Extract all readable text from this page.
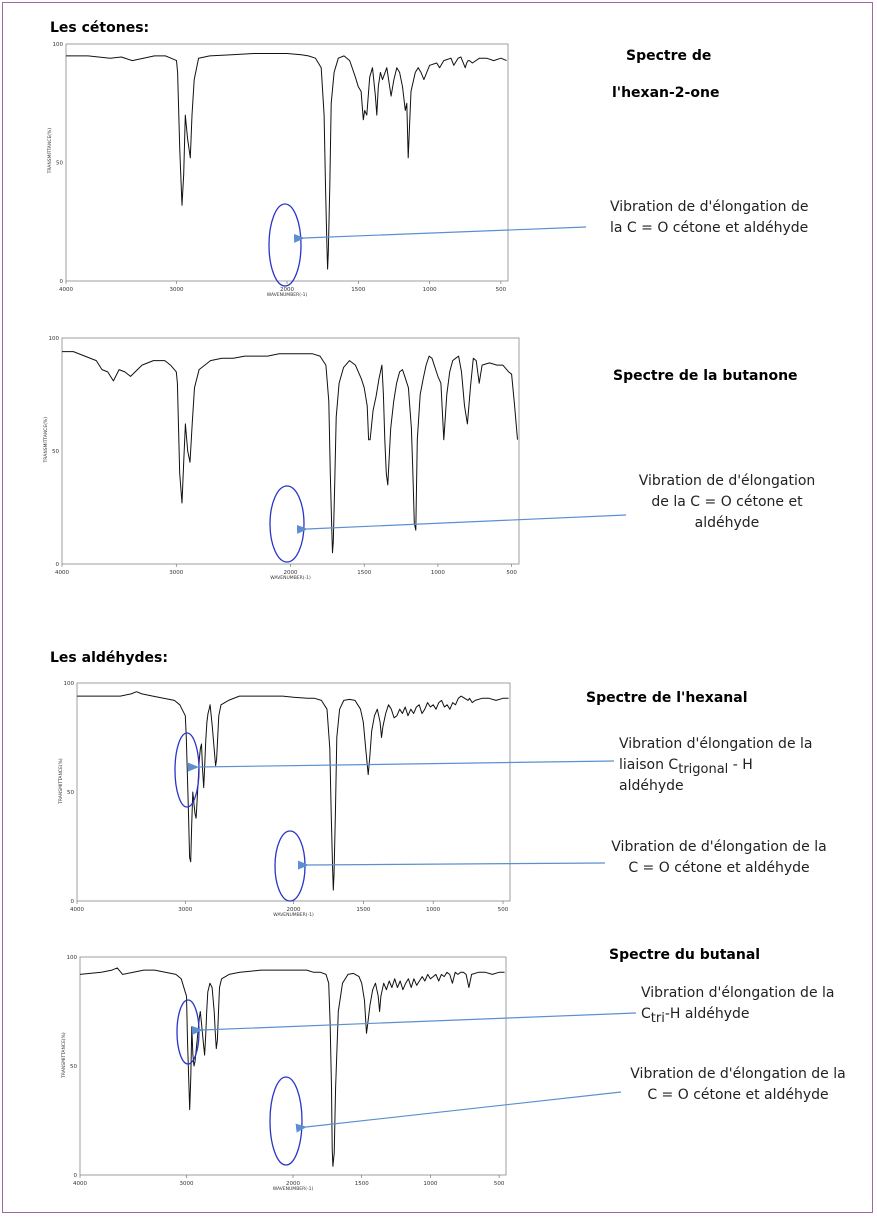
4000	3000	2000	1500	1000	500
0
50
100
WAVENUMBER(-1)
TRANSMITTANCE(%)
4000	3000	2000	1500	1000	500
0
50
100
WAVENUMBER(-1)
TRANSMITTANCE(%)
4000	3000	2000	1500	1000	500
0
50
100
WAVENUMBER(-1)
TRANSMITTANCE(%)
4000	3000	2000	1500	1000	500
0
50
100
WAVENUMBER(-1)
TRANSMITTANCE(%)
Les cétones:
Les aldéhydes:
Spectre de
l'hexan-2-one
Spectre de la butanone
Spectre de l'hexanal
Spectre du butanal
Vibration de d'élongation de
la C = O cétone et aldéhyde
Vibration de d'élongation
de la C = O cétone et
aldéhyde
Vibration d'élongation de la
liaison $C_{trigonal}$ - H
aldéhyde
Vibration de d'élongation de la
C = O cétone et aldéhyde
Vibration d'élongation de la
$C_{tri}-H$ aldéhyde
Vibration de d'élongation de la
C = O cétone et aldéhyde
